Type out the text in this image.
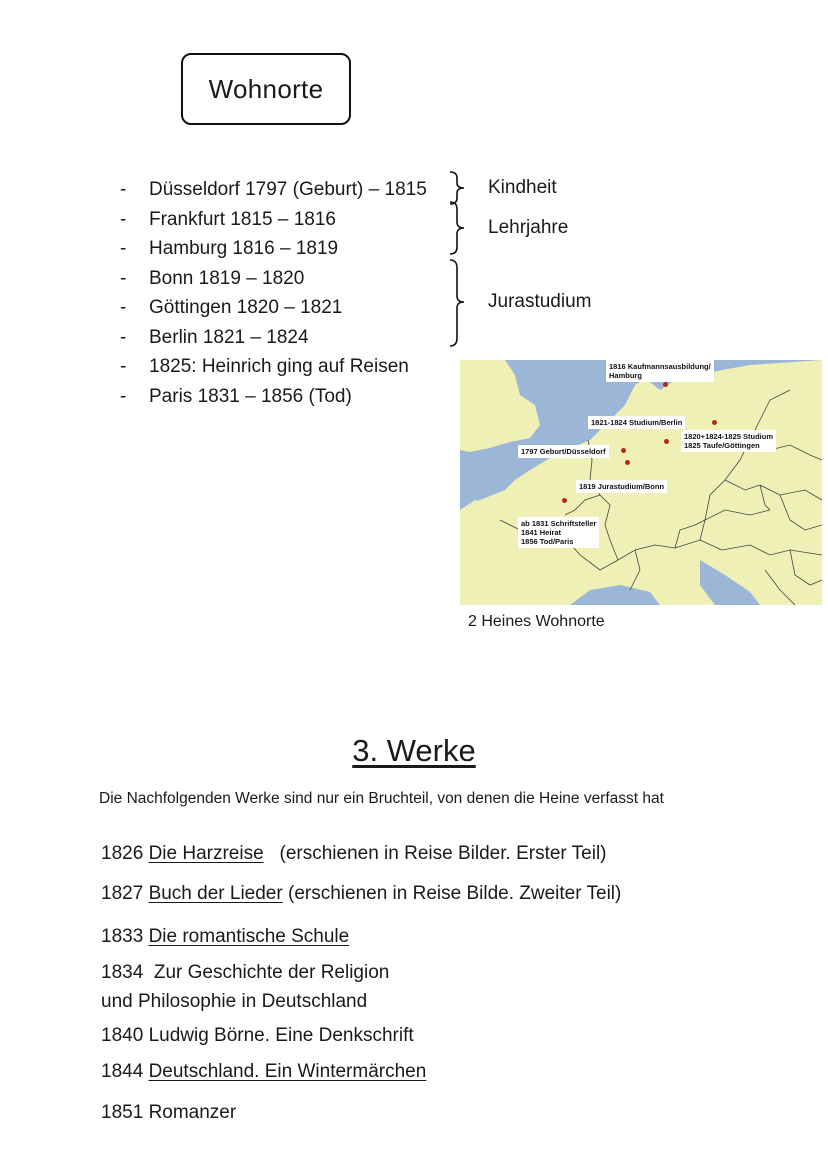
Wohnorte
-	Düsseldorf 1797 (Geburt) – 1815
-	Frankfurt 1815 – 1816
-	Hamburg 1816 – 1819
-	Bonn 1819 – 1820
-	Göttingen 1820 – 1821
-	Berlin 1821 – 1824
-	1825: Heinrich ging auf Reisen
-	Paris 1831 – 1856 (Tod)
Kindheit
Lehrjahre
Jurastudium
1816 Kaufmannsausbildung/
Hamburg
1821-1824 Studium/Berlin
1820+1824-1825 Studium
1825 Taufe/Göttingen
1797 Geburt/Düsseldorf
1819 Jurastudium/Bonn
ab 1831 Schriftsteller
1841 Heirat
1856 Tod/Paris
2 Heines Wohnorte
3. Werke
Die Nachfolgenden Werke sind nur ein Bruchteil, von denen die Heine verfasst hat
1826 Die Harzreise (erschienen in Reise Bilder. Erster Teil)
1827 Buch der Lieder (erschienen in Reise Bilde. Zweiter Teil)
1833 Die romantische Schule
1834 Zur Geschichte der Religion
und Philosophie in Deutschland
1840 Ludwig Börne. Eine Denkschrift
1844 Deutschland. Ein Wintermärchen
1851 Romanzer
